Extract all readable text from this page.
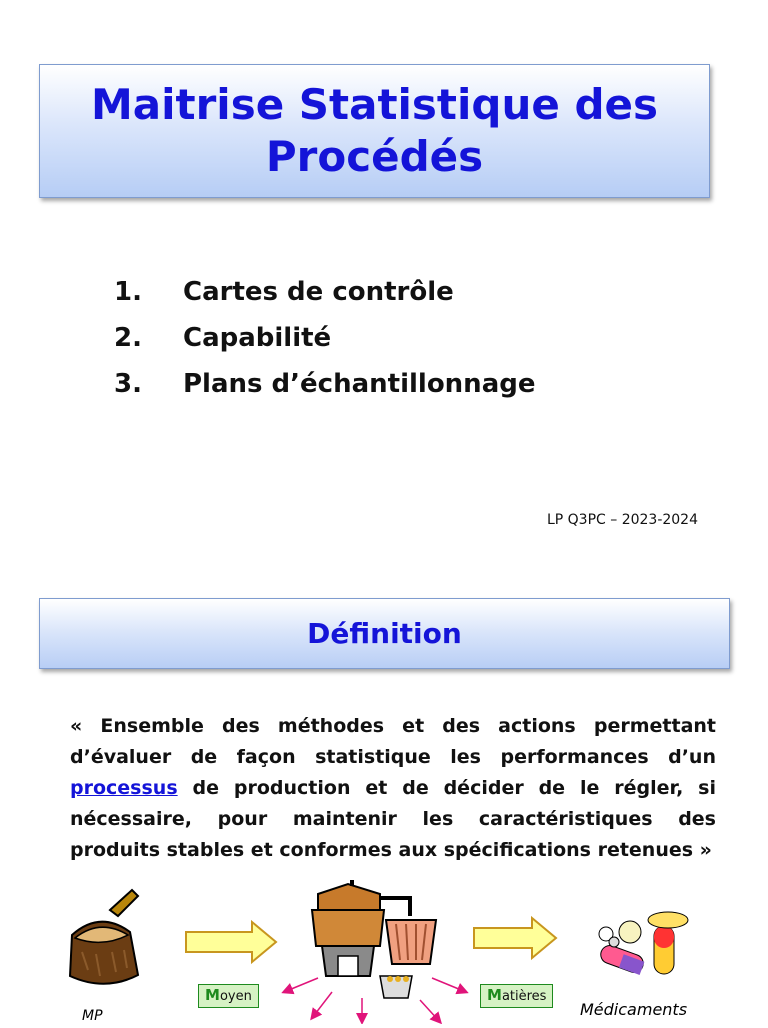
Maitrise Statistique des
Procédés
1.	Cartes de contrôle
2.	Capabilité
3.	Plans d’échantillonnage
LP Q3PC – 2023-2024
Définition

« Ensemble des méthodes et des actions permettant d’évaluer de façon statistique les performances d’un processus de production et de décider de le régler, si nécessaire, pour maintenir les caractéristiques des produits stables et conformes aux spécifications retenues »

Moyen	Matières
MP	Médicaments
